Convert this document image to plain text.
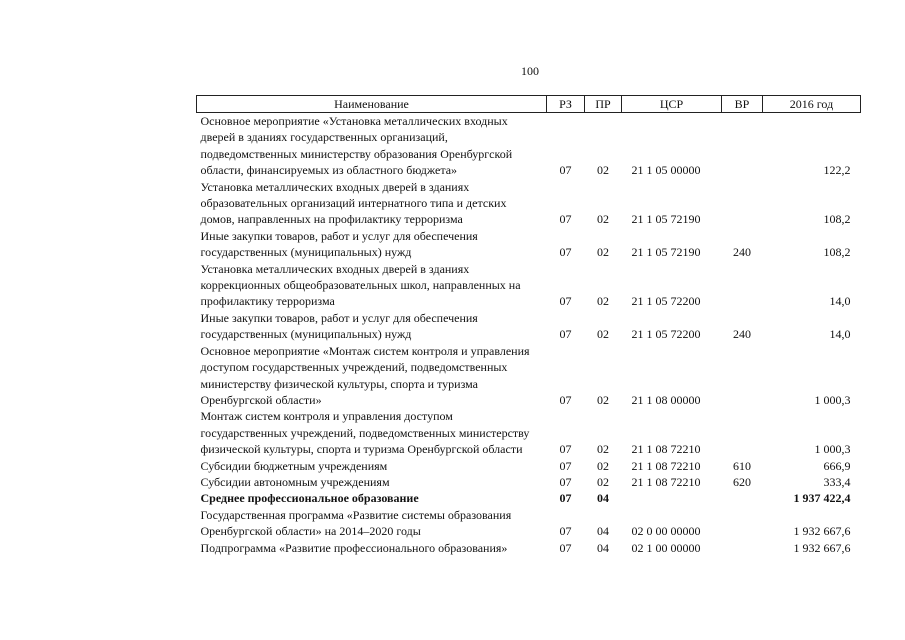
100
Наименование	РЗ	ПР	ЦСР	ВР	2016 год
Основное мероприятие «Установка металлических входных дверей в зданиях государственных организаций, подведомственных министерству образования Оренбургской области, финансируемых из областного бюджета»	07	02	21 1 05 00000		122,2
Установка металлических входных дверей в зданиях образовательных организаций интернатного типа и детских домов, направленных на профилактику терроризма	07	02	21 1 05 72190		108,2
Иные закупки товаров, работ и услуг для обеспечения государственных (муниципальных) нужд	07	02	21 1 05 72190	240	108,2
Установка металлических входных дверей в зданиях коррекционных общеобразовательных школ, направленных на профилактику терроризма	07	02	21 1 05 72200		14,0
Иные закупки товаров, работ и услуг для обеспечения государственных (муниципальных) нужд	07	02	21 1 05 72200	240	14,0
Основное мероприятие «Монтаж систем контроля и управления доступом государственных учреждений, подведомственных министерству физической культуры, спорта и туризма Оренбургской области»	07	02	21 1 08 00000		1 000,3
Монтаж систем контроля и управления доступом государственных учреждений, подведомственных министерству физической культуры, спорта и туризма Оренбургской области	07	02	21 1 08 72210		1 000,3
Субсидии бюджетным учреждениям	07	02	21 1 08 72210	610	666,9
Субсидии автономным учреждениям	07	02	21 1 08 72210	620	333,4
Среднее профессиональное образование	07	04			1 937 422,4
Государственная программа «Развитие системы образования Оренбургской области» на 2014–2020 годы	07	04	02 0 00 00000		1 932 667,6
Подпрограмма «Развитие профессионального образования»	07	04	02 1 00 00000		1 932 667,6
